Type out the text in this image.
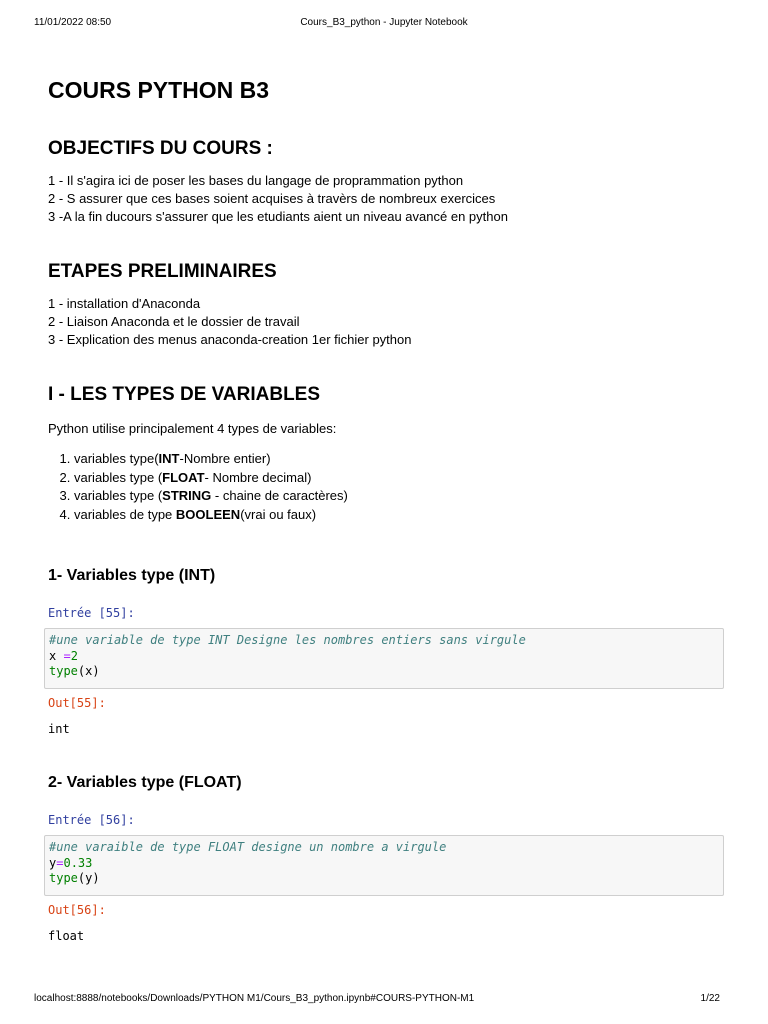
11/01/2022 08:50	Cours_B3_python - Jupyter Notebook
COURS PYTHON B3
OBJECTIFS DU COURS :
1 - Il s'agira ici de poser les bases du langage de proprammation python
2 - S assurer que ces bases soient acquises à travèrs de nombreux exercices
3 -A la fin ducours s'assurer que les etudiants aient un niveau avancé en python
ETAPES PRELIMINAIRES
1 - installation d'Anaconda
2 - Liaison Anaconda et le dossier de travail
3 - Explication des menus anaconda-creation 1er fichier python
I - LES TYPES DE VARIABLES
Python utilise principalement 4 types de variables:
1. variables type(INT-Nombre entier)
2. variables type (FLOAT- Nombre decimal)
3. variables type (STRING - chaine de caractères)
4. variables de type BOOLEEN(vrai ou faux)
1- Variables type (INT)
Entrée [55]:
#une variable de type INT Designe les nombres entiers sans virgule
x =2
type(x)
Out[55]:
int
2- Variables type (FLOAT)
Entrée [56]:
#une varaible de type FLOAT designe un nombre a virgule
y=0.33
type(y)
Out[56]:
float
localhost:8888/notebooks/Downloads/PYTHON M1/Cours_B3_python.ipynb#COURS-PYTHON-M1	1/22
